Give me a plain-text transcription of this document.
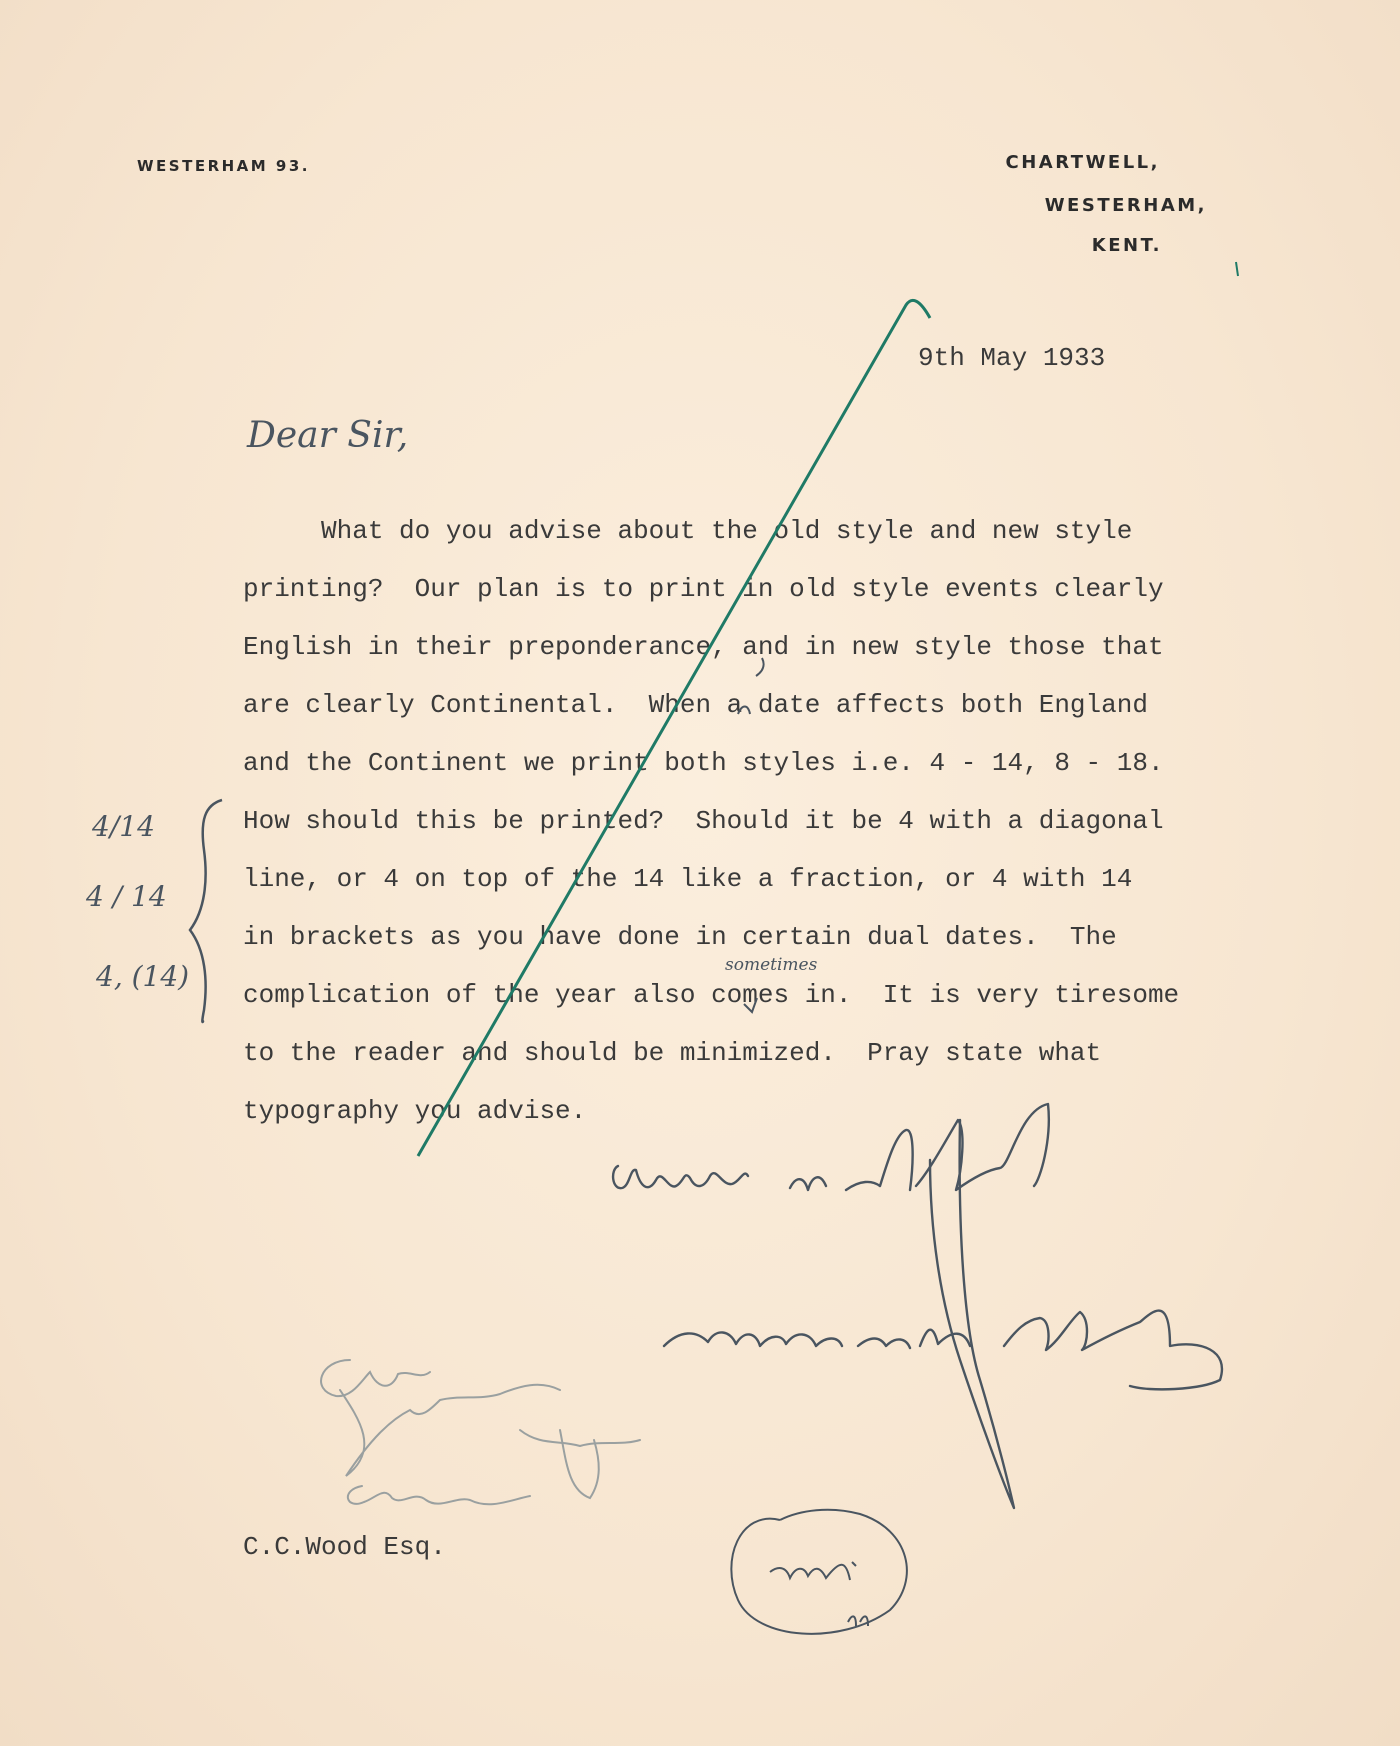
WESTERHAM 93.	CHARTWELL,
WESTERHAM,
KENT.
9th May 1933
Dear Sir,
What do you advise about the old style and new style
printing?  Our plan is to print in old style events clearly
English in their preponderance, and in new style those that
are clearly Continental.  When a date affects both England
and the Continent we print both styles i.e. 4 - 14, 8 - 18.
How should this be printed?  Should it be 4 with a diagonal
line, or 4 on top of the 14 like a fraction, or 4 with 14
in brackets as you have done in certain dual dates.  The
complication of the year also comes in.  It is very tiresome
to the reader and should be minimized.  Pray state what
typography you advise.
sometimes
4/14
4 / 14
4, (14)
C.C.Wood Esq.
